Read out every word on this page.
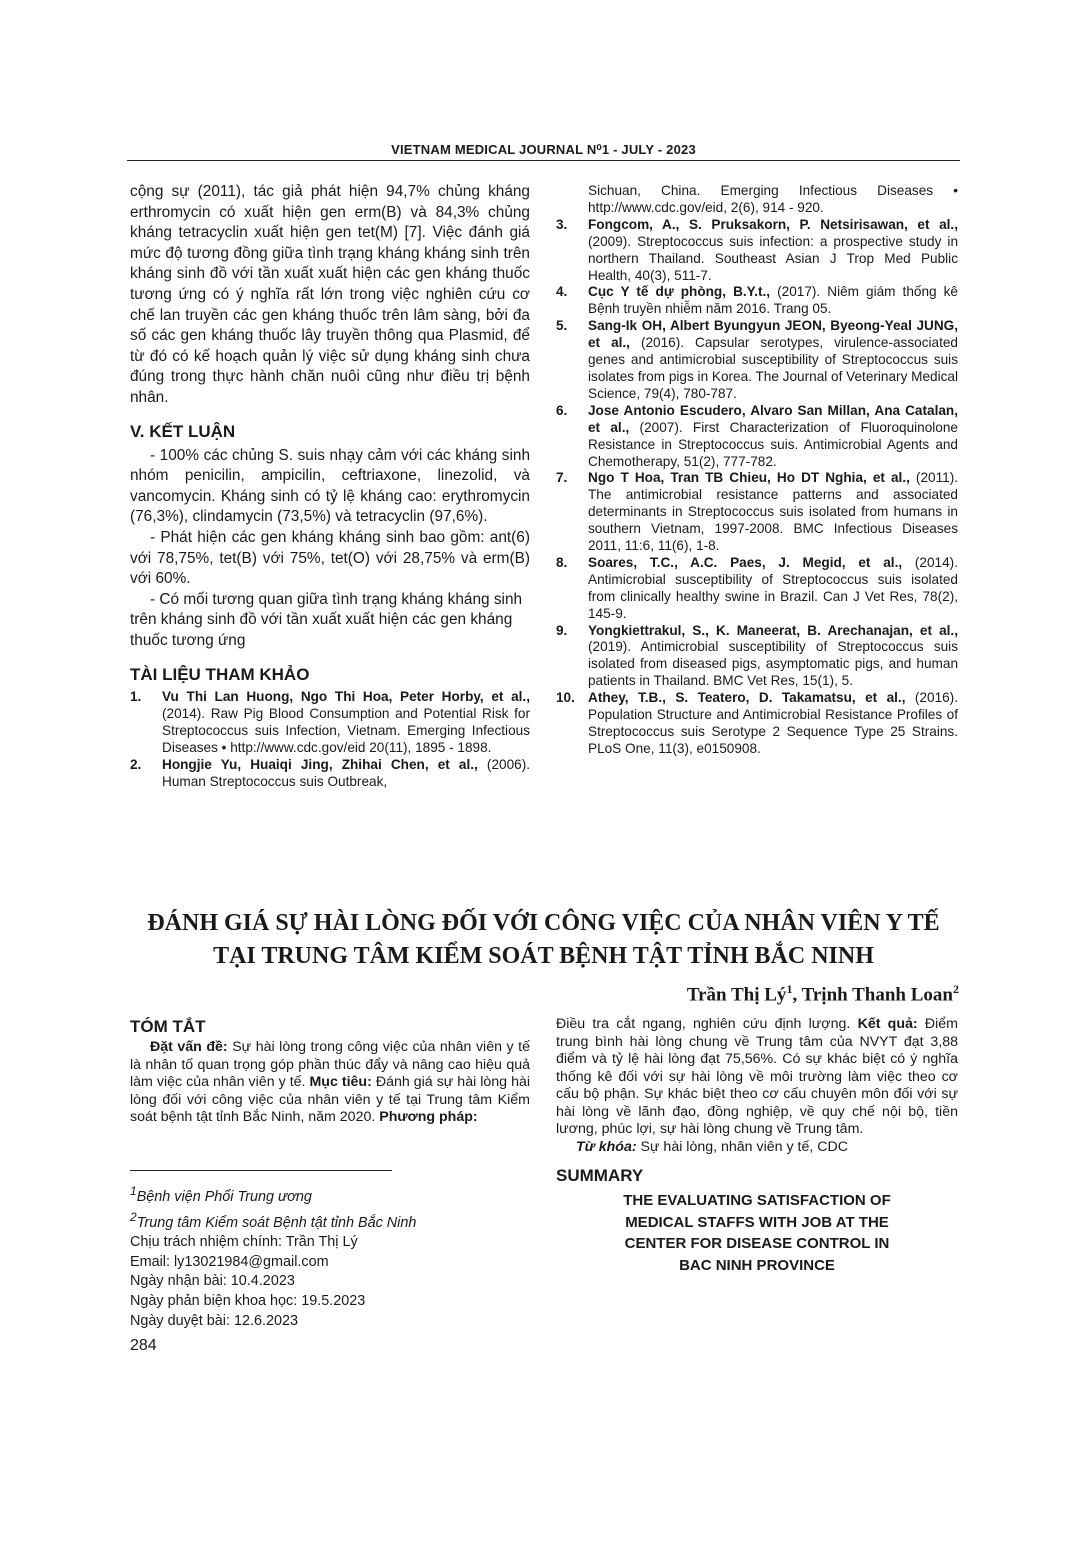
VIETNAM MEDICAL JOURNAL N⁰1 - JULY - 2023

cộng sự (2011), tác giả phát hiện 94,7% chủng kháng erthromycin có xuất hiện gen erm(B) và 84,3% chủng kháng tetracyclin xuất hiện gen tet(M) [7]. Việc đánh giá mức độ tương đồng giữa tình trạng kháng kháng sinh trên kháng sinh đồ với tần xuất xuất hiện các gen kháng thuốc tương ứng có ý nghĩa rất lớn trong việc nghiên cứu cơ chế lan truyền các gen kháng thuốc trên lâm sàng, bởi đa số các gen kháng thuốc lây truyền thông qua Plasmid, để từ đó có kế hoạch quản lý việc sử dụng kháng sinh chưa đúng trong thực hành chăn nuôi cũng như điều trị bệnh nhân.

V. KẾT LUẬN

- 100% các chủng S. suis nhạy cảm với các kháng sinh nhóm penicilin, ampicilin, ceftriaxone, linezolid, và vancomycin. Kháng sinh có tỷ lệ kháng cao: erythromycin (76,3%), clindamycin (73,5%) và tetracyclin (97,6%).

- Phát hiện các gen kháng kháng sinh bao gồm: ant(6) với 78,75%, tet(B) với 75%, tet(O) với 28,75% và erm(B) với 60%.

- Có mối tương quan giữa tình trạng kháng kháng sinh trên kháng sinh đồ với tần xuất xuất hiện các gen kháng thuốc tương ứng

TÀI LIỆU THAM KHẢO
1. Vu Thi Lan Huong, Ngo Thi Hoa, Peter Horby, et al., (2014). Raw Pig Blood Consumption and Potential Risk for Streptococcus suis Infection, Vietnam. Emerging Infectious Diseases • http://www.cdc.gov/eid 20(11), 1895 - 1898.
2. Hongjie Yu, Huaiqi Jing, Zhihai Chen, et al., (2006). Human Streptococcus suis Outbreak,

Sichuan, China. Emerging Infectious Diseases • http://www.cdc.gov/eid, 2(6), 914 - 920.

3. Fongcom, A., S. Pruksakorn, P. Netsirisawan, et al., (2009). Streptococcus suis infection: a prospective study in northern Thailand. Southeast Asian J Trop Med Public Health, 40(3), 511-7.
4. Cục Y tế dự phòng, B.Y.t., (2017). Niêm giám thống kê Bệnh truyền nhiễm năm 2016. Trang 05.
5. Sang-Ik OH, Albert Byungyun JEON, Byeong-Yeal JUNG, et al., (2016). Capsular serotypes, virulence-associated genes and antimicrobial susceptibility of Streptococcus suis isolates from pigs in Korea. The Journal of Veterinary Medical Science, 79(4), 780-787.
6. Jose Antonio Escudero, Alvaro San Millan, Ana Catalan, et al., (2007). First Characterization of Fluoroquinolone Resistance in Streptococcus suis. Antimicrobial Agents and Chemotherapy, 51(2), 777-782.
7. Ngo T Hoa, Tran TB Chieu, Ho DT Nghia, et al., (2011). The antimicrobial resistance patterns and associated determinants in Streptococcus suis isolated from humans in southern Vietnam, 1997-2008. BMC Infectious Diseases 2011, 11:6, 11(6), 1-8.
8. Soares, T.C., A.C. Paes, J. Megid, et al., (2014). Antimicrobial susceptibility of Streptococcus suis isolated from clinically healthy swine in Brazil. Can J Vet Res, 78(2), 145-9.
9. Yongkiettrakul, S., K. Maneerat, B. Arechanajan, et al., (2019). Antimicrobial susceptibility of Streptococcus suis isolated from diseased pigs, asymptomatic pigs, and human patients in Thailand. BMC Vet Res, 15(1), 5.
10. Athey, T.B., S. Teatero, D. Takamatsu, et al., (2016). Population Structure and Antimicrobial Resistance Profiles of Streptococcus suis Serotype 2 Sequence Type 25 Strains. PLoS One, 11(3), e0150908.
ĐÁNH GIÁ SỰ HÀI LÒNG ĐỐI VỚI CÔNG VIỆC CỦA NHÂN VIÊN Y TẾ
TẠI TRUNG TÂM KIỂM SOÁT BỆNH TẬT TỈNH BẮC NINH
Trần Thị $Lý^1$, Trịnh Thanh Loan$^2$
TÓM TẮT

Đặt vấn đề: Sự hài lòng trong công việc của nhân viên y tế là nhân tố quan trọng góp phần thúc đẩy và nâng cao hiệu quả làm việc của nhân viên y tế. Mục tiêu: Đánh giá sự hài lòng hài lòng đối với công việc của nhân viên y tế tại Trung tâm Kiểm soát bệnh tật tỉnh Bắc Ninh, năm 2020. Phương pháp:

Điều tra cắt ngang, nghiên cứu định lượng. Kết quả: Điểm trung bình hài lòng chung về Trung tâm của NVYT đạt 3,88 điểm và tỷ lệ hài lòng đạt 75,56%. Có sự khác biệt có ý nghĩa thống kê đối với sự hài lòng về môi trường làm việc theo cơ cấu bộ phận. Sự khác biệt theo cơ cấu chuyên môn đối với sự hài lòng về lãnh đạo, đồng nghiệp, về quy chế nội bộ, tiền lương, phúc lợi, sự hài lòng chung về Trung tâm.

Từ khóa: Sự hài lòng, nhân viên y tế, CDC

SUMMARY
THE EVALUATING SATISFACTION OF
MEDICAL STAFFS WITH JOB AT THE
CENTER FOR DISEASE CONTROL IN
BAC NINH PROVINCE
$^1$Bệnh viện Phổi Trung ương
$^2$Trung tâm Kiểm soát Bệnh tật tỉnh Bắc Ninh
Chịu trách nhiệm chính: Trần Thị Lý
Email: ly13021984@gmail.com
Ngày nhận bài: 10.4.2023
Ngày phản biện khoa học: 19.5.2023
Ngày duyệt bài: 12.6.2023
284
